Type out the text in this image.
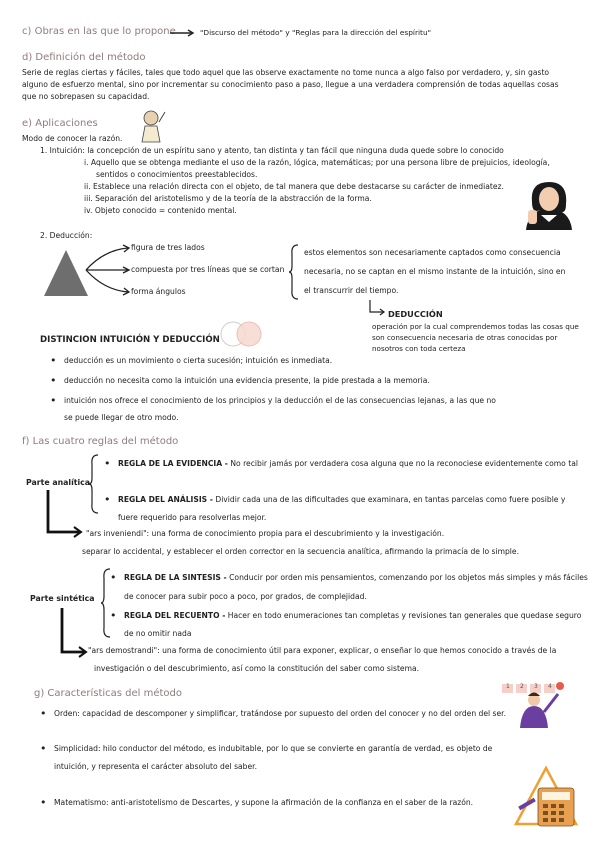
c) Obras en las que lo propone	"Discurso del método" y "Reglas para la dirección del espíritu"
d) Definición del método
Serie de reglas ciertas y fáciles, tales que todo aquel que las observe exactamente no tome nunca a algo falso por verdadero, y, sin gasto alguno de esfuerzo mental, sino por incrementar su conocimiento paso a paso, llegue a una verdadera comprensión de todas aquellas cosas que no sobrepasen su capacidad.
e) Aplicaciones
Modo de conocer la razón.
1. Intuición: la concepción de un espíritu sano y atento, tan distinta y tan fácil que ninguna duda quede sobre lo conocido
i. Aquello que se obtenga mediante el uso de la razón, lógica, matemáticas; por una persona libre de prejuicios, ideología,
sentidos o conocimientos preestablecidos.
ii. Establece una relación directa con el objeto, de tal manera que debe destacarse su carácter de inmediatez.
iii. Separación del aristotelismo y de la teoría de la abstracción de la forma.
iv. Objeto conocido = contenido mental.
2. Deducción:
figura de tres lados
compuesta por tres líneas que se cortan
forma ángulos
estos elementos son necesariamente captados como consecuencia
necesaria, no se captan en el mismo instante de la intuición, sino en
el transcurrir del tiempo.
DEDUCCIÓN
operación por la cual comprendemos todas las cosas que son consecuencia necesaria de otras conocidas por nosotros con toda certeza
DISTINCION INTUICIÓN Y DEDUCCIÓN
• deducción es un movimiento o cierta sucesión; intuición es inmediata.
• deducción no necesita como la intuición una evidencia presente, la pide prestada a la memoria.
• intuición nos ofrece el conocimiento de los principios y la deducción el de las consecuencias lejanas, a las que no
se puede llegar de otro modo.
f) Las cuatro reglas del método
Parte analítica
• REGLA DE LA EVIDENCIA - No recibir jamás por verdadera cosa alguna que no la reconociese evidentemente como tal
• REGLA DEL ANÁLISIS - Dividir cada una de las dificultades que examinara, en tantas parcelas como fuere posible y
fuere requerido para resolverlas mejor.
"ars inveniendi": una forma de conocimiento propia para el descubrimiento y la investigación.
separar lo accidental, y establecer el orden corrector en la secuencia analítica, afirmando la primacía de lo simple.
Parte sintética
• REGLA DE LA SINTESIS - Conducir por orden mis pensamientos, comenzando por los objetos más simples y más fáciles
de conocer para subir poco a poco, por grados, de complejidad.
• REGLA DEL RECUENTO - Hacer en todo enumeraciones tan completas y revisiones tan generales que quedase seguro
de no omitir nada
"ars demostrandi": una forma de conocimiento útil para exponer, explicar, o enseñar lo que hemos conocido a través de la
investigación o del descubrimiento, así como la constitución del saber como sistema.
g) Características del método
1 2 3 4
• Orden: capacidad de descomponer y simplificar, tratándose por supuesto del orden del conocer y no del orden del ser.
• Simplicidad: hilo conductor del método, es indubitable, por lo que se convierte en garantía de verdad, es objeto de
intuición, y representa el carácter absoluto del saber.
• Matematismo: anti-aristotelismo de Descartes, y supone la afirmación de la confianza en el saber de la razón.
